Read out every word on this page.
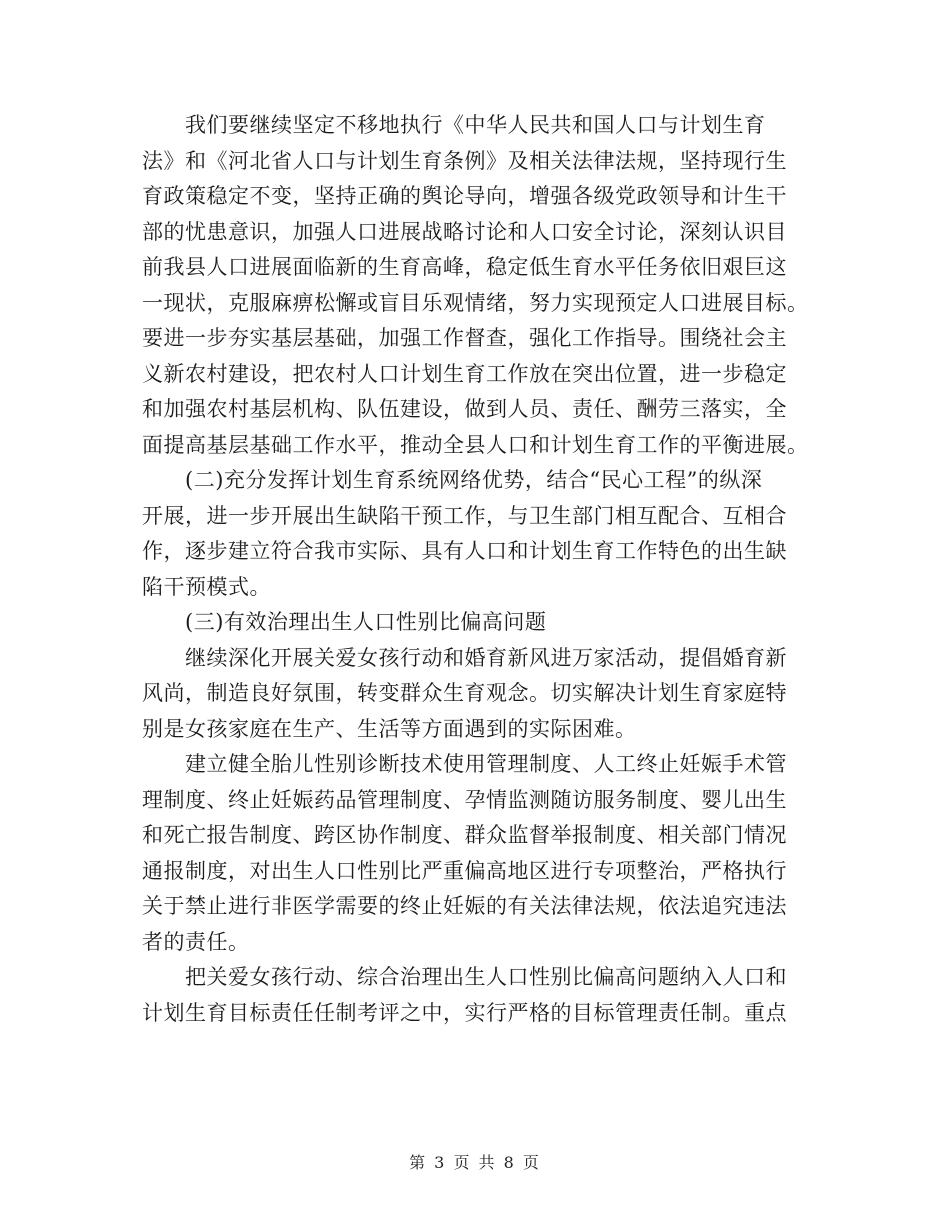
　　我们要继续坚定不移地执行《中华人民共和国人口与计划生育
法》和《河北省人口与计划生育条例》及相关法律法规，坚持现行生
育政策稳定不变，坚持正确的舆论导向，增强各级党政领导和计生干
部的忧患意识，加强人口进展战略讨论和人口安全讨论，深刻认识目
前我县人口进展面临新的生育高峰，稳定低生育水平任务依旧艰巨这
一现状，克服麻痹松懈或盲目乐观情绪，努力实现预定人口进展目标。
要进一步夯实基层基础，加强工作督查，强化工作指导。围绕社会主
义新农村建设，把农村人口计划生育工作放在突出位置，进一步稳定
和加强农村基层机构、队伍建设，做到人员、责任、酬劳三落实，全
面提高基层基础工作水平，推动全县人口和计划生育工作的平衡进展。
　　(二)充分发挥计划生育系统网络优势，结合“民心工程”的纵深
开展，进一步开展出生缺陷干预工作，与卫生部门相互配合、互相合
作，逐步建立符合我市实际、具有人口和计划生育工作特色的出生缺
陷干预模式。
　　(三)有效治理出生人口性别比偏高问题
　　继续深化开展关爱女孩行动和婚育新风进万家活动，提倡婚育新
风尚，制造良好氛围，转变群众生育观念。切实解决计划生育家庭特
别是女孩家庭在生产、生活等方面遇到的实际困难。
　　建立健全胎儿性别诊断技术使用管理制度、人工终止妊娠手术管
理制度、终止妊娠药品管理制度、孕情监测随访服务制度、婴儿出生
和死亡报告制度、跨区协作制度、群众监督举报制度、相关部门情况
通报制度，对出生人口性别比严重偏高地区进行专项整治，严格执行
关于禁止进行非医学需要的终止妊娠的有关法律法规，依法追究违法
者的责任。
　　把关爱女孩行动、综合治理出生人口性别比偏高问题纳入人口和
计划生育目标责任任制考评之中，实行严格的目标管理责任制。重点
第 3 页 共 8 页
